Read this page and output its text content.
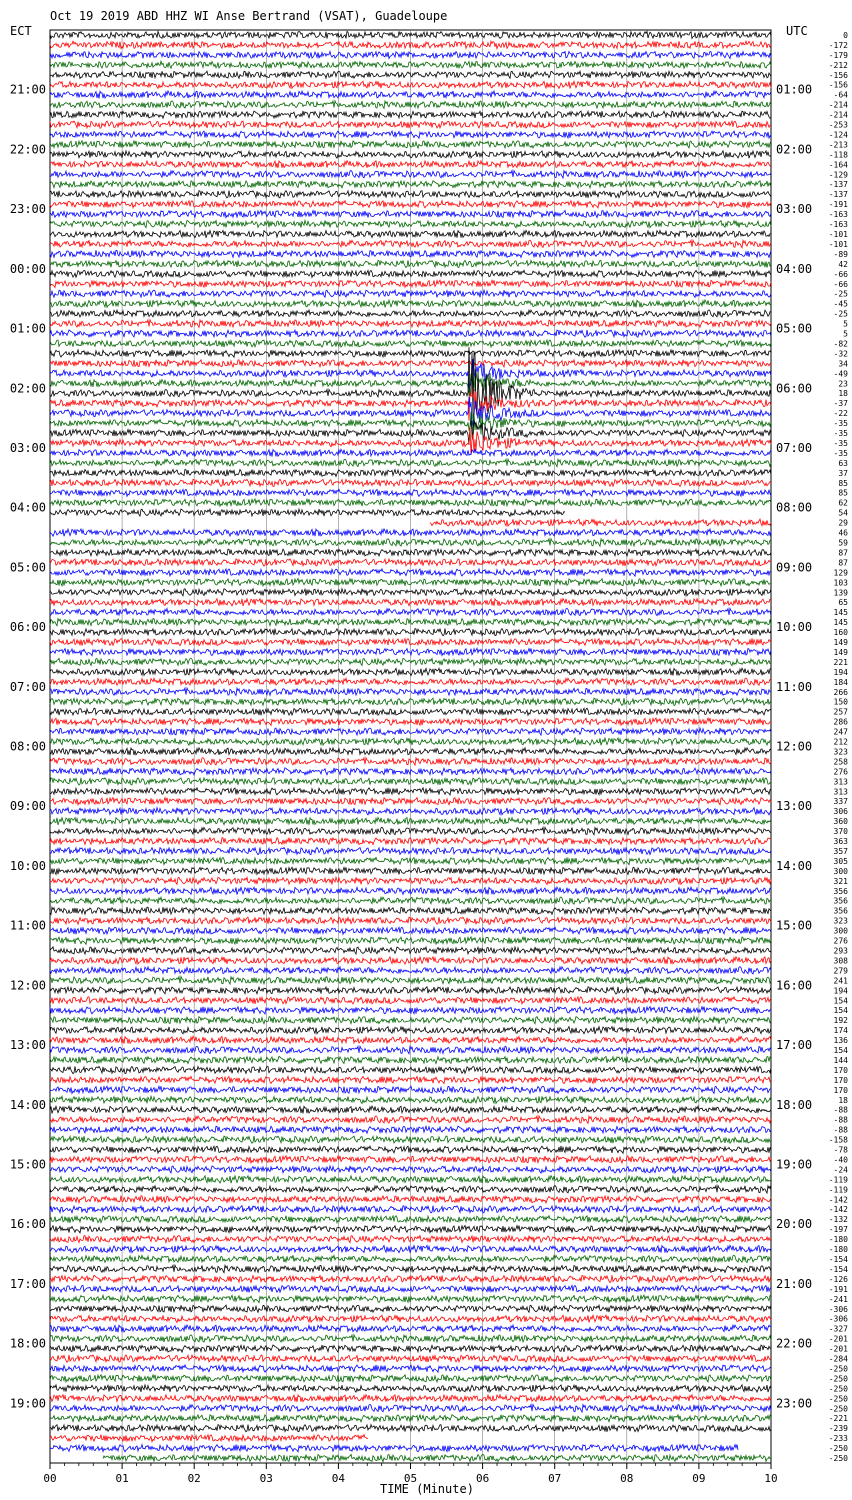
Oct 19 2019 ABD HHZ WI Anse Bertrand (VSAT), Guadeloupe
ECT	UTC
TIME (Minute)
21:00
22:00
23:00
00:00
01:00
02:00
03:00
04:00
05:00
06:00
07:00
08:00
09:00
10:00
11:00
12:00
13:00
14:00
15:00
16:00
17:00
18:00
19:00
01:00
02:00
03:00
04:00
05:00
06:00
07:00
08:00
09:00
10:00
11:00
12:00
13:00
14:00
15:00
16:00
17:00
18:00
19:00
20:00
21:00
22:00
23:00
0
-172
-179
-212
-156
-156
-64
-214
-214
-253
-124
-213
-118
-164
-129
-137
-137
-191
-163
-163
-101
-101
-89
42
-66
-66
-25
-45
-25
5
5
-82
-32
34
-49
23
18
-37
-22
-35
-35
-35
-35
63
37
85
85
62
54
29
46
59
87
87
129
103
139
65
145
145
160
149
149
221
194
184
266
150
257
286
247
212
323
258
276
313
313
337
306
360
370
363
357
305
300
321
356
356
356
323
300
276
293
308
279
241
194
154
154
192
174
136
154
144
170
170
170
18
-88
-88
-88
-158
-78
-40
-24
-119
-119
-142
-142
-132
-197
-180
-180
-154
-154
-126
-191
-241
-306
-306
-327
-201
-201
-284
-250
-250
-250
-250
-250
-221
-239
-233
-250
-250
00	01	02	03	04	05	06	07	08	09	10
